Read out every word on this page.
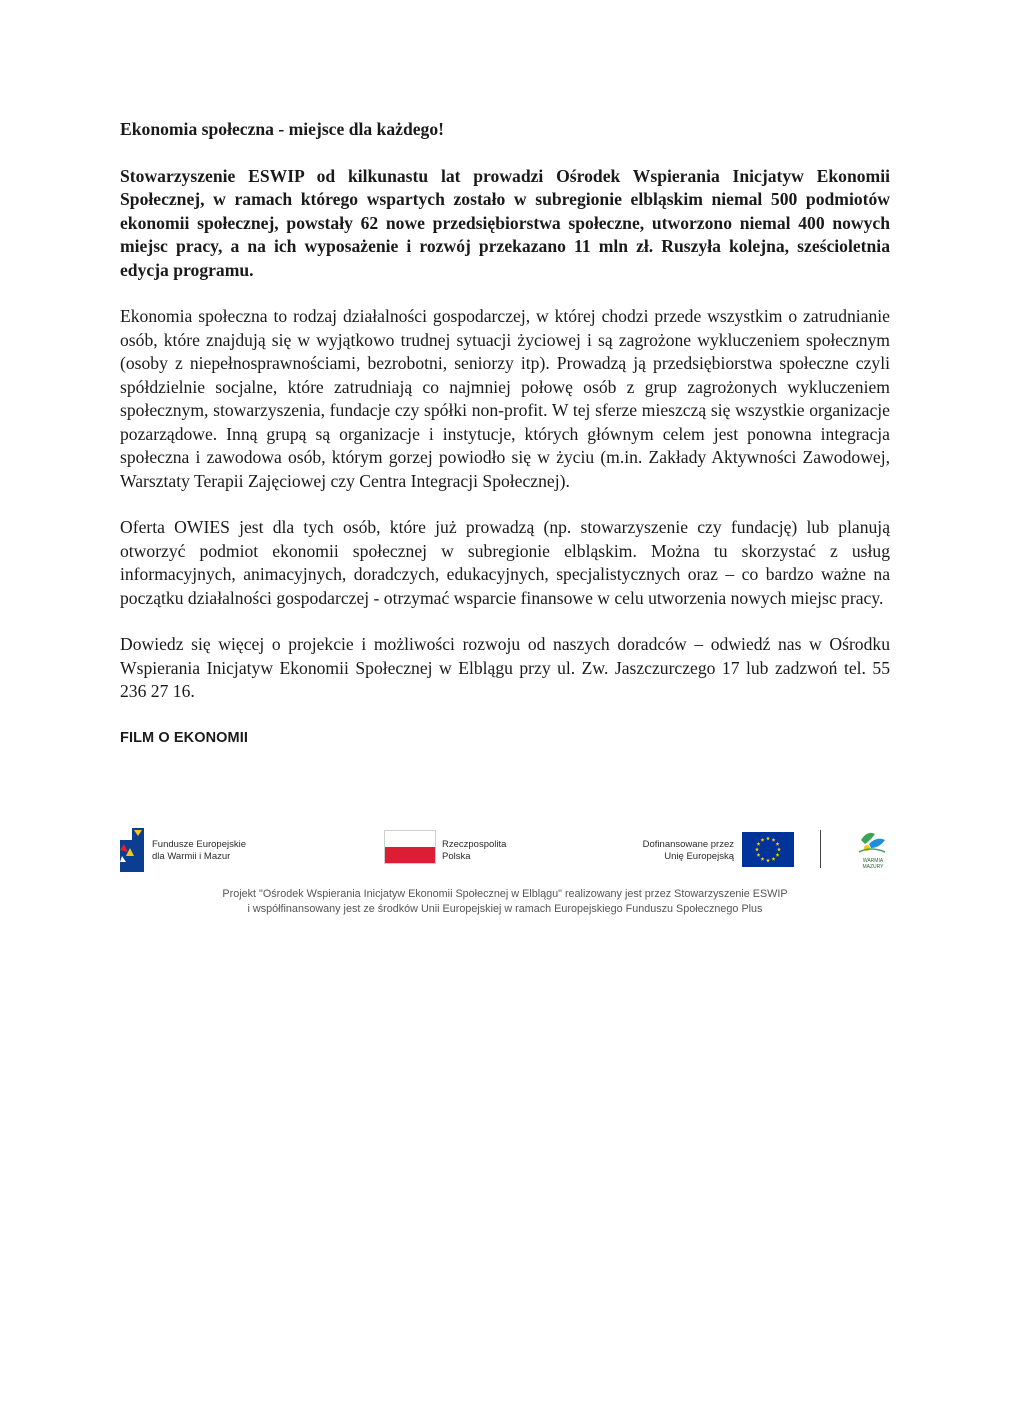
Ekonomia społeczna - miejsce dla każdego!

Stowarzyszenie ESWIP od kilkunastu lat prowadzi Ośrodek Wspierania Inicjatyw Ekonomii Społecznej, w ramach którego wspartych zostało w subregionie elbląskim niemal 500 podmiotów ekonomii społecznej, powstały 62 nowe przedsiębiorstwa społeczne, utworzono niemal 400 nowych miejsc pracy, a na ich wyposażenie i rozwój przekazano 11 mln zł. Ruszyła kolejna, sześcioletnia edycja programu.

Ekonomia społeczna to rodzaj działalności gospodarczej, w której chodzi przede wszystkim o zatrudnianie osób, które znajdują się w wyjątkowo trudnej sytuacji życiowej i są zagrożone wykluczeniem społecznym (osoby z niepełnosprawnościami, bezrobotni, seniorzy itp). Prowadzą ją przedsiębiorstwa społeczne czyli spółdzielnie socjalne, które zatrudniają co najmniej połowę osób z grup zagrożonych wykluczeniem społecznym, stowarzyszenia, fundacje czy spółki non-profit. W tej sferze mieszczą się wszystkie organizacje pozarządowe. Inną grupą są organizacje i instytucje, których głównym celem jest ponowna integracja społeczna i zawodowa osób, którym gorzej powiodło się w życiu (m.in. Zakłady Aktywności Zawodowej, Warsztaty Terapii Zajęciowej czy Centra Integracji Społecznej).

Oferta OWIES jest dla tych osób, które już prowadzą (np. stowarzyszenie czy fundację) lub planują otworzyć podmiot ekonomii społecznej w subregionie elbląskim. Można tu skorzystać z usług informacyjnych, animacyjnych, doradczych, edukacyjnych, specjalistycznych oraz – co bardzo ważne na początku działalności gospodarczej - otrzymać wsparcie finansowe w celu utworzenia nowych miejsc pracy.

Dowiedz się więcej o projekcie i możliwości rozwoju od naszych doradców – odwiedź nas w Ośrodku Wspierania Inicjatyw Ekonomii Społecznej w Elblągu przy ul. Zw. Jaszczurczego 17 lub zadzwoń tel. 55 236 27 16.

FILM O EKONOMII

Fundusze Europejskie
dla Warmii i Mazur
Rzeczpospolita
Polska
Dofinansowane przez
Unię Europejską	WARMIA
MAZURY
Projekt "Ośrodek Wspierania Inicjatyw Ekonomii Społecznej w Elblągu" realizowany jest przez Stowarzyszenie ESWIP
i współfinansowany jest ze środków Unii Europejskiej w ramach Europejskiego Funduszu Społecznego Plus
